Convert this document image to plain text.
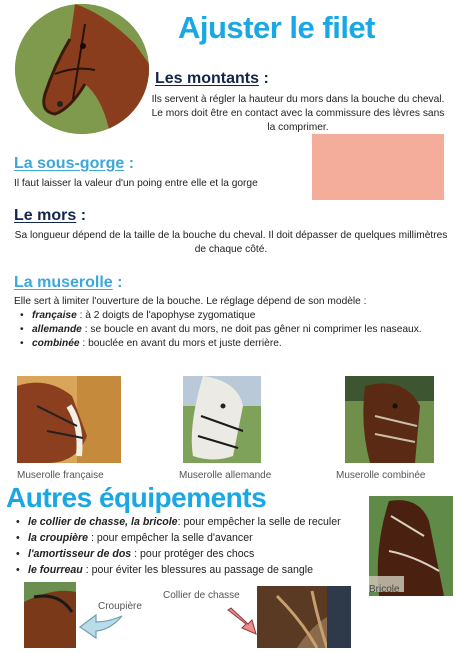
Ajuster le filet
Les montants :
Ils servent à régler la hauteur du mors dans la bouche du cheval. Le mors doit être en contact avec la commissure des lèvres sans la comprimer.
La sous-gorge :
Il faut laisser la valeur d'un poing entre elle et la gorge
Le mors :
Sa longueur dépend de la taille de la bouche du cheval. Il doit dépasser de quelques millimètres de chaque côté.
La muserolle :
Elle sert à limiter l'ouverture de la bouche. Le réglage dépend de son modèle :
• française : à 2 doigts de l'apophyse zygomatique
• allemande : se boucle en avant du mors, ne doit pas gêner ni comprimer les naseaux.
• combinée : bouclée en avant du mors et juste derrière.
Muserolle française	Muserolle allemande	Muserolle combinée
Autres équipements
• le collier de chasse, la bricole: pour empêcher la selle de reculer
• la croupière : pour empêcher la selle d'avancer
• l'amortisseur de dos : pour protéger des chocs
• le fourreau : pour éviter les blessures au passage de sangle
Bricole
Croupière
Collier de chasse
